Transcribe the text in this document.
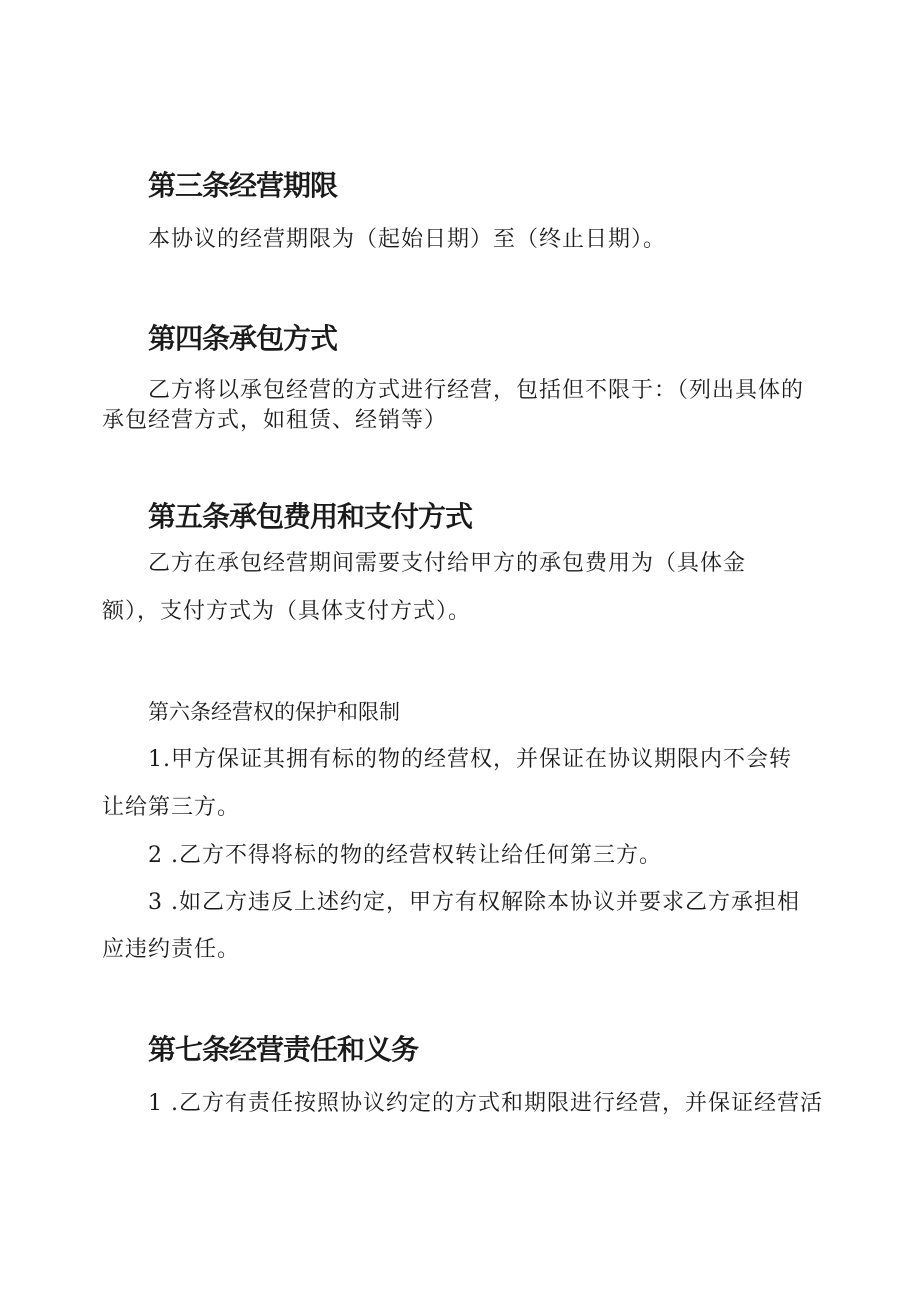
第三条经营期限

本协议的经营期限为（起始日期）至（终止日期）。

第四条承包方式

乙方将以承包经营的方式进行经营，包括但不限于：（列出具体的

承包经营方式，如租赁、经销等）

第五条承包费用和支付方式

乙方在承包经营期间需要支付给甲方的承包费用为（具体金

额），支付方式为（具体支付方式）。

第六条经营权的保护和限制

1.甲方保证其拥有标的物的经营权，并保证在协议期限内不会转

让给第三方。

2 .乙方不得将标的物的经营权转让给任何第三方。

3 .如乙方违反上述约定，甲方有权解除本协议并要求乙方承担相

应违约责任。

第七条经营责任和义务

1 .乙方有责任按照协议约定的方式和期限进行经营，并保证经营活
